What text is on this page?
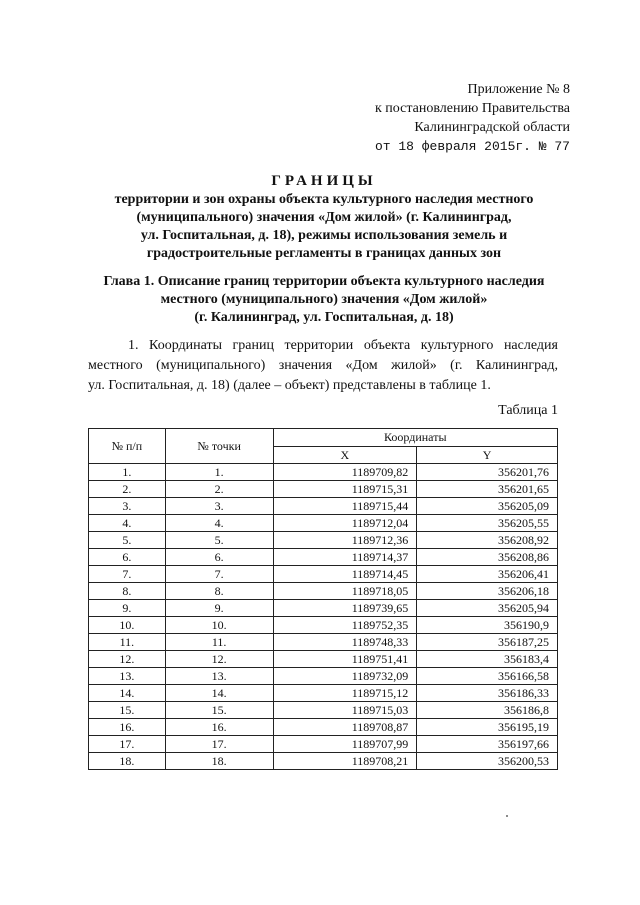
Приложение № 8
к постановлению Правительства
Калининградской области
от 18 февраля 2015г. № 77
ГРАНИЦЫ
территории и зон охраны объекта культурного наследия местного
(муниципального) значения «Дом жилой» (г. Калининград,
ул. Госпитальная, д. 18), режимы использования земель и
градостроительные регламенты в границах данных зон
Глава 1. Описание границ территории объекта культурного наследия
местного (муниципального) значения «Дом жилой»
(г. Калининград, ул. Госпитальная, д. 18)
1. Координаты границ территории объекта культурного наследия
местного (муниципального) значения «Дом жилой» (г. Калининград,
ул. Госпитальная, д. 18) (далее – объект) представлены в таблице 1.
Таблица 1
№ п/п	№ точки	Координаты	
		X	Y
1.	1.	1189709,82	356201,76
2.	2.	1189715,31	356201,65
3.	3.	1189715,44	356205,09
4.	4.	1189712,04	356205,55
5.	5.	1189712,36	356208,92
6.	6.	1189714,37	356208,86
7.	7.	1189714,45	356206,41
8.	8.	1189718,05	356206,18
9.	9.	1189739,65	356205,94
10.	10.	1189752,35	356190,9
11.	11.	1189748,33	356187,25
12.	12.	1189751,41	356183,4
13.	13.	1189732,09	356166,58
14.	14.	1189715,12	356186,33
15.	15.	1189715,03	356186,8
16.	16.	1189708,87	356195,19
17.	17.	1189707,99	356197,66
18.	18.	1189708,21	356200,53
